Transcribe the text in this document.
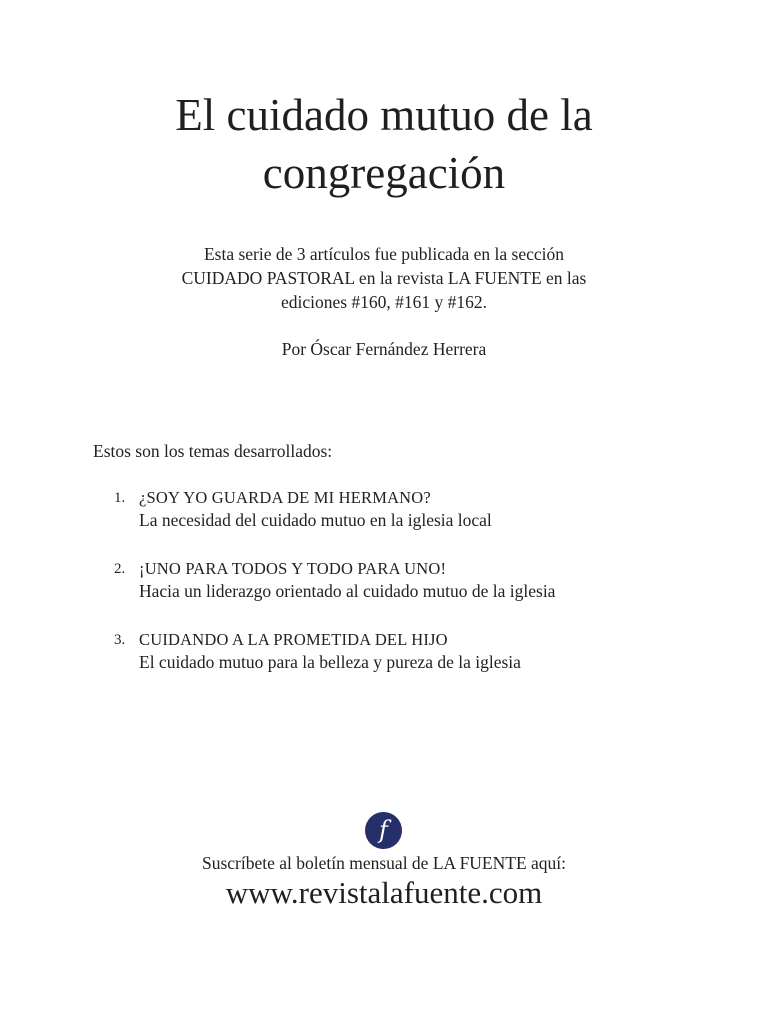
El cuidado mutuo de la
congregación
Esta serie de 3 artículos fue publicada en la sección
CUIDADO PASTORAL en la revista LA FUENTE en las
ediciones #160, #161 y #162.
Por Óscar Fernández Herrera
Estos son los temas desarrollados:
1. ¿SOY YO GUARDA DE MI HERMANO?
La necesidad del cuidado mutuo en la iglesia local
2. ¡UNO PARA TODOS Y TODO PARA UNO!
Hacia un liderazgo orientado al cuidado mutuo de la iglesia
3. CUIDANDO A LA PROMETIDA DEL HIJO
El cuidado mutuo para la belleza y pureza de la iglesia
f
Suscríbete al boletín mensual de LA FUENTE aquí:
www.revistalafuente.com
